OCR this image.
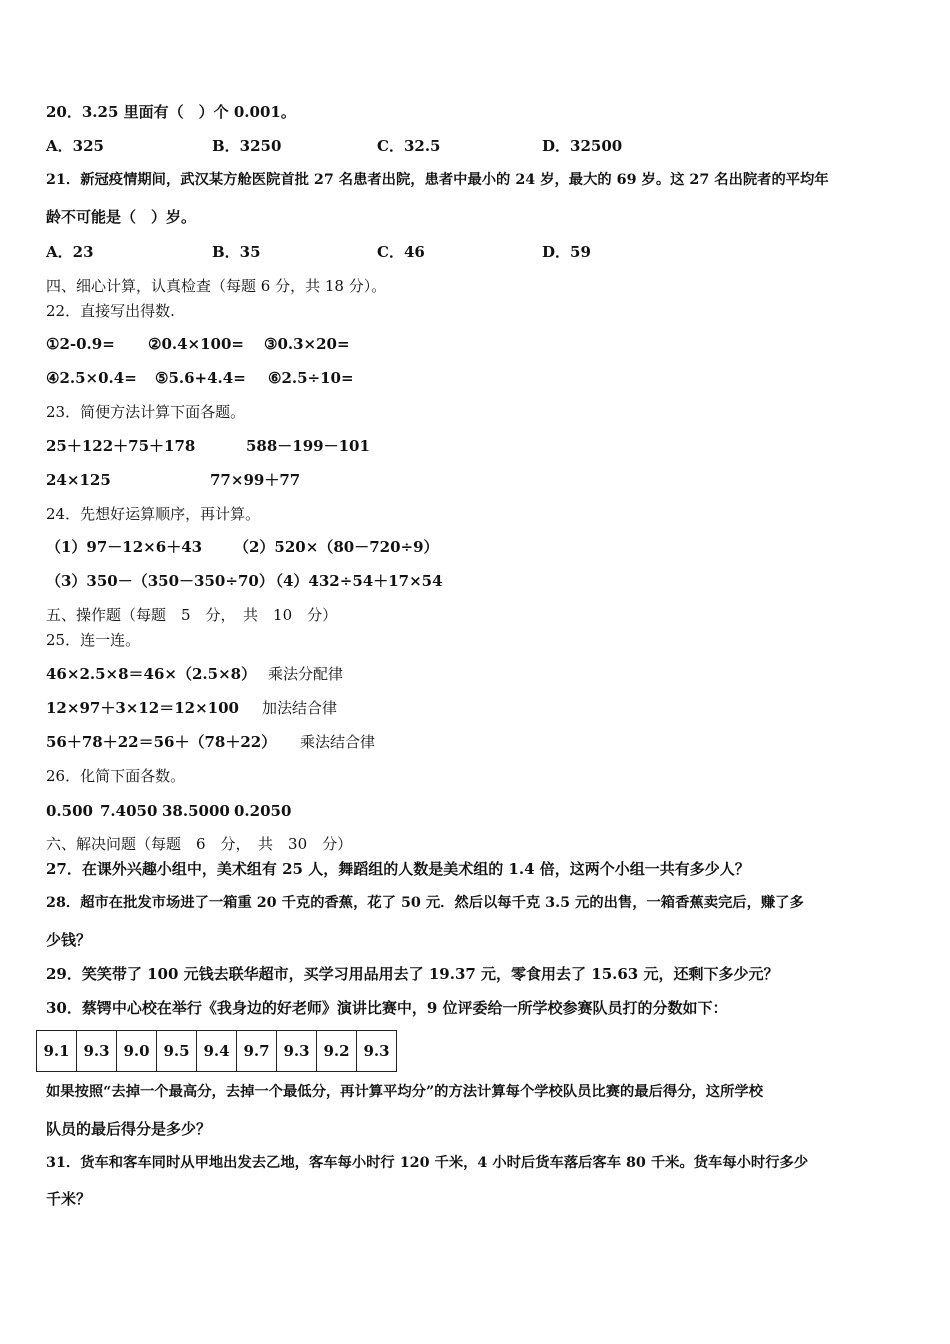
20．3.25 里面有（　）个 0.001。
A．325	B．3250	C．32.5	D．32500
21．新冠疫情期间，武汉某方舱医院首批 27 名患者出院，患者中最小的 24 岁，最大的 69 岁。这 27 名出院者的平均年
龄不可能是（　）岁。
A．23	B．35	C．46	D．59
四、细心计算，认真检查（每题 6 分，共 18 分）。
22．直接写出得数.
①2-0.9= ②0.4×100= ③0.3×20=
④2.5×0.4= ⑤5.6+4.4= ⑥2.5÷10=
23．简便方法计算下面各题。
25＋122＋75＋178	588－199－101
24×125	77×99＋77
24．先想好运算顺序，再计算。
（1）97－12×6＋43 （2）520×（80－720÷9）
（3）350－（350－350÷70）
（4）432÷54＋17×54
五、操作题（每题　5　分，　共　10　分）
25．连一连。
46×2.5×8＝46×（2.5×8） 乘法分配律
12×97＋3×12＝12×100 加法结合律
56＋78＋22＝56＋（78＋22） 乘法结合律
26．化简下面各数。
0.500 7.4050 38.5000 0.2050
六、解决问题（每题　6　分，　共　30　分）
27．在课外兴趣小组中，美术组有 25 人，舞蹈组的人数是美术组的 1.4 倍，这两个小组一共有多少人？
28．超市在批发市场进了一箱重 20 千克的香蕉，花了 50 元．然后以每千克 3.5 元的出售，一箱香蕉卖完后，赚了多
少钱？
29．笑笑带了 100 元钱去联华超市，买学习用品用去了 19.37 元，零食用去了 15.63 元，还剩下多少元？
30．蔡锷中心校在举行《我身边的好老师》演讲比赛中，9 位评委给一所学校参赛队员打的分数如下：
9.1	9.3	9.0	9.5	9.4	9.7	9.3	9.2	9.3
如果按照“去掉一个最高分，去掉一个最低分，再计算平均分”的方法计算每个学校队员比赛的最后得分，这所学校
队员的最后得分是多少？
31．货车和客车同时从甲地出发去乙地，客车每小时行 120 千米，4 小时后货车落后客车 80 千米。货车每小时行多少
千米？
